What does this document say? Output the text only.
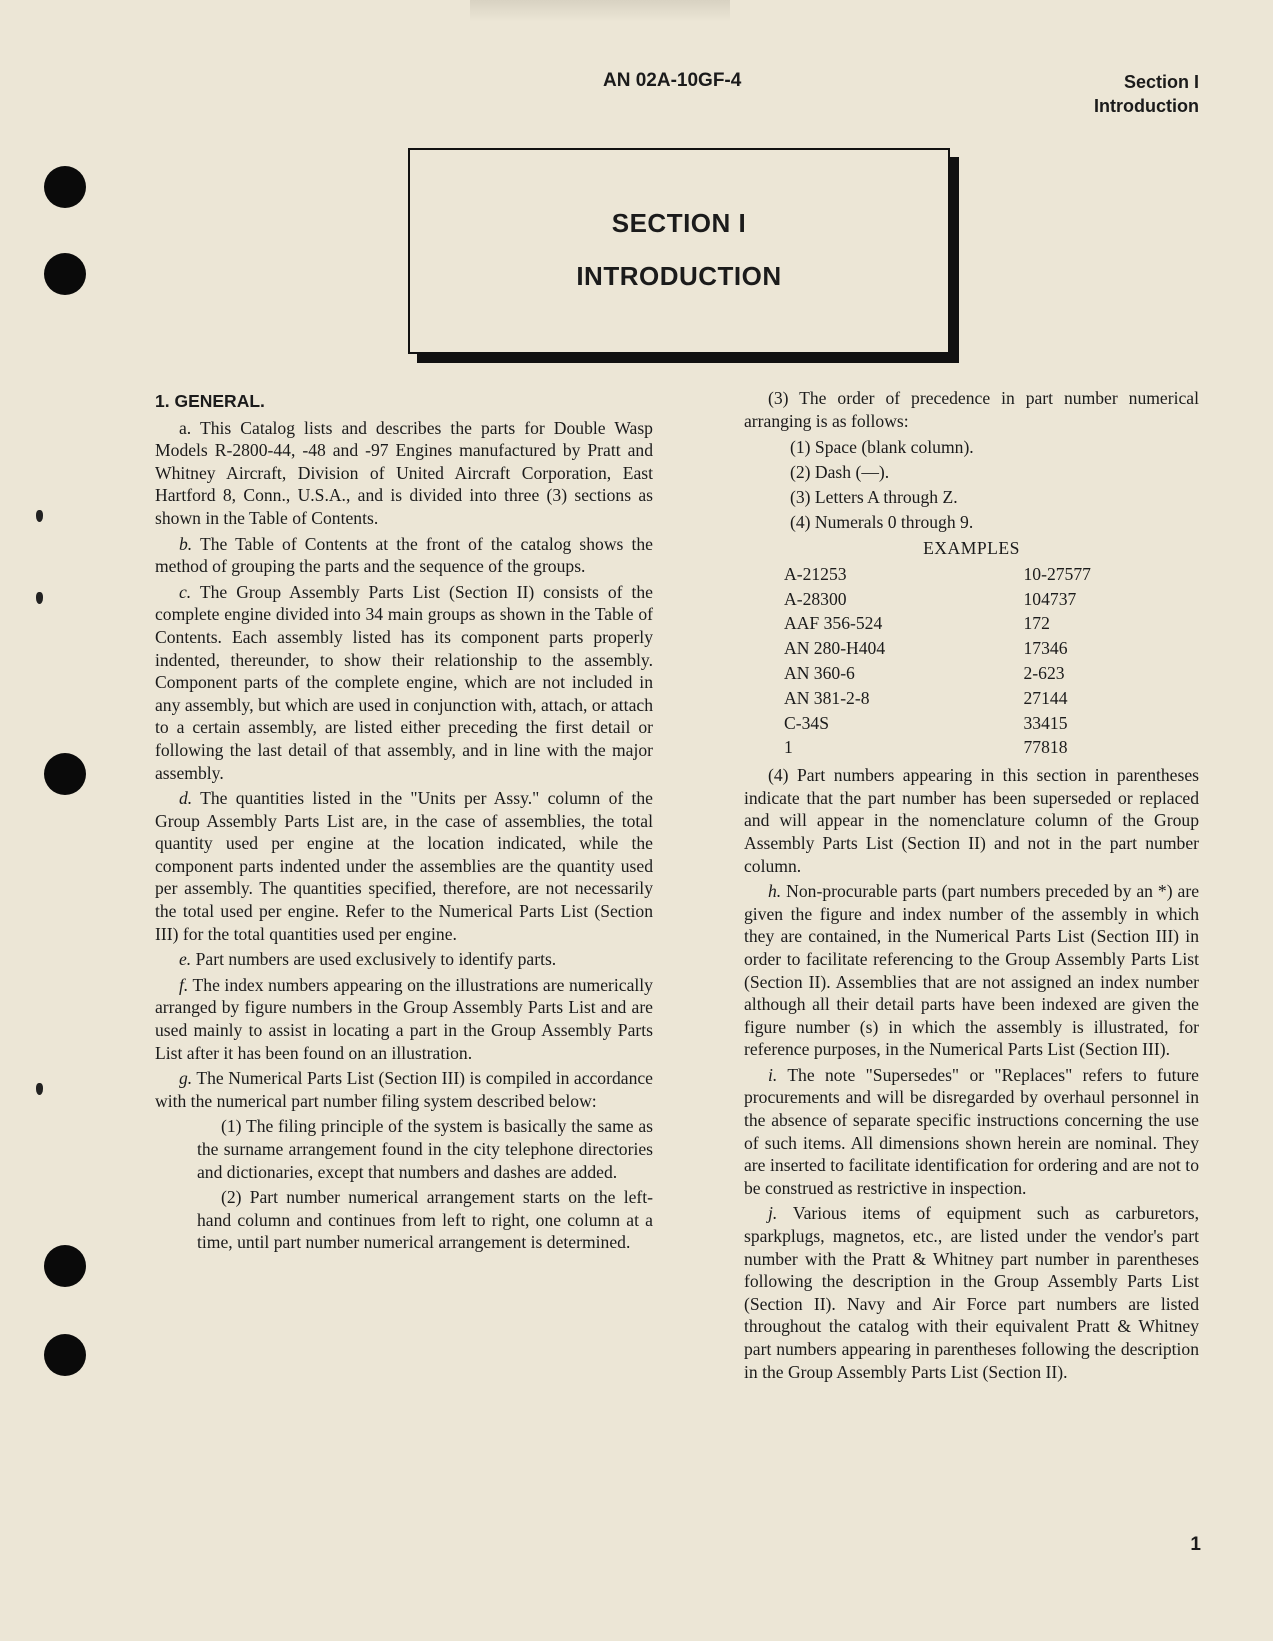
AN 02A-10GF-4	Section I
Introduction
SECTION I
INTRODUCTION
1. GENERAL.

a. This Catalog lists and describes the parts for Double Wasp Models R-2800-44, -48 and -97 Engines manufactured by Pratt and Whitney Aircraft, Division of United Aircraft Corporation, East Hartford 8, Conn., U.S.A., and is divided into three (3) sections as shown in the Table of Contents.

b. The Table of Contents at the front of the catalog shows the method of grouping the parts and the sequence of the groups.

c. The Group Assembly Parts List (Section II) consists of the complete engine divided into 34 main groups as shown in the Table of Contents. Each assembly listed has its component parts properly indented, thereunder, to show their relationship to the assembly. Component parts of the complete engine, which are not included in any assembly, but which are used in conjunction with, attach, or attach to a certain assembly, are listed either preceding the first detail or following the last detail of that assembly, and in line with the major assembly.

d. The quantities listed in the "Units per Assy." column of the Group Assembly Parts List are, in the case of assemblies, the total quantity used per engine at the location indicated, while the component parts indented under the assemblies are the quantity used per assembly. The quantities specified, therefore, are not necessarily the total used per engine. Refer to the Numerical Parts List (Section III) for the total quantities used per engine.

e. Part numbers are used exclusively to identify parts.

f. The index numbers appearing on the illustrations are numerically arranged by figure numbers in the Group Assembly Parts List and are used mainly to assist in locating a part in the Group Assembly Parts List after it has been found on an illustration.

g. The Numerical Parts List (Section III) is compiled in accordance with the numerical part number filing system described below:

(1) The filing principle of the system is basically the same as the surname arrangement found in the city telephone directories and dictionaries, except that numbers and dashes are added.

(2) Part number numerical arrangement starts on the left-hand column and continues from left to right, one column at a time, until part number numerical arrangement is determined.

(3) The order of precedence in part number numerical arranging is as follows:

(1) Space (blank column).
(2) Dash (—).
(3) Letters A through Z.
(4) Numerals 0 through 9.
EXAMPLES
A-21253	10-27577
A-28300	104737
AAF 356-524	172
AN 280-H404	17346
AN 360-6	2-623
AN 381-2-8	27144
C-34S	33415
1	77818

(4) Part numbers appearing in this section in parentheses indicate that the part number has been superseded or replaced and will appear in the nomenclature column of the Group Assembly Parts List (Section II) and not in the part number column.

h. Non-procurable parts (part numbers preceded by an *) are given the figure and index number of the assembly in which they are contained, in the Numerical Parts List (Section III) in order to facilitate referencing to the Group Assembly Parts List (Section II). Assemblies that are not assigned an index number although all their detail parts have been indexed are given the figure number (s) in which the assembly is illustrated, for reference purposes, in the Numerical Parts List (Section III).

i. The note "Supersedes" or "Replaces" refers to future procurements and will be disregarded by overhaul personnel in the absence of separate specific instructions concerning the use of such items. All dimensions shown herein are nominal. They are inserted to facilitate identification for ordering and are not to be construed as restrictive in inspection.

j. Various items of equipment such as carburetors, sparkplugs, magnetos, etc., are listed under the vendor's part number with the Pratt & Whitney part number in parentheses following the description in the Group Assembly Parts List (Section II). Navy and Air Force part numbers are listed throughout the catalog with their equivalent Pratt & Whitney part numbers appearing in parentheses following the description in the Group Assembly Parts List (Section II).

1
